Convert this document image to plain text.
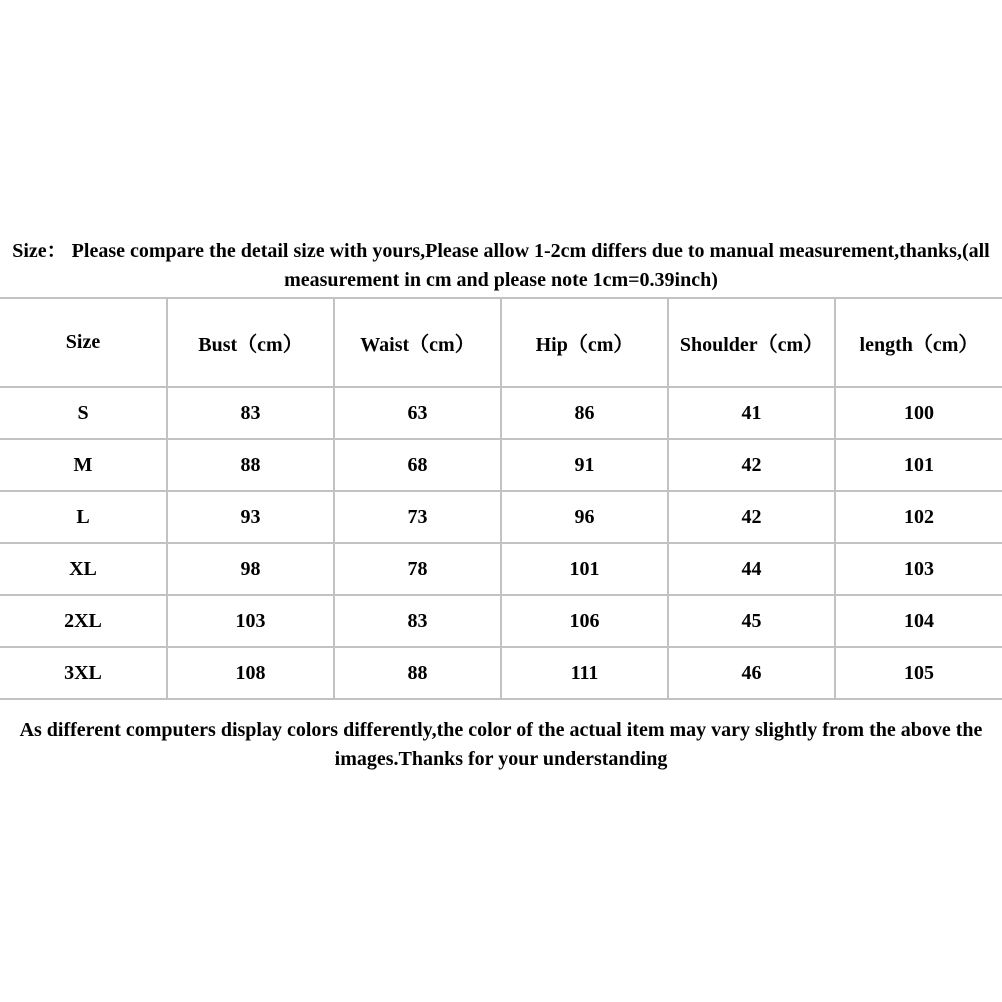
Size： Please compare the detail size with yours,Please allow 1-2cm differs due to manual measurement,thanks,(all
measurement in cm and please note 1cm=0.39inch)
Size	Bust（cm）	Waist（cm）	Hip（cm）	Shoulder（cm）	length（cm）
S	83	63	86	41	100
M	88	68	91	42	101
L	93	73	96	42	102
XL	98	78	101	44	103
2XL	103	83	106	45	104
3XL	108	88	111	46	105
As different computers display colors differently,the color of the actual item may vary slightly from the above the
images.Thanks for your understanding
